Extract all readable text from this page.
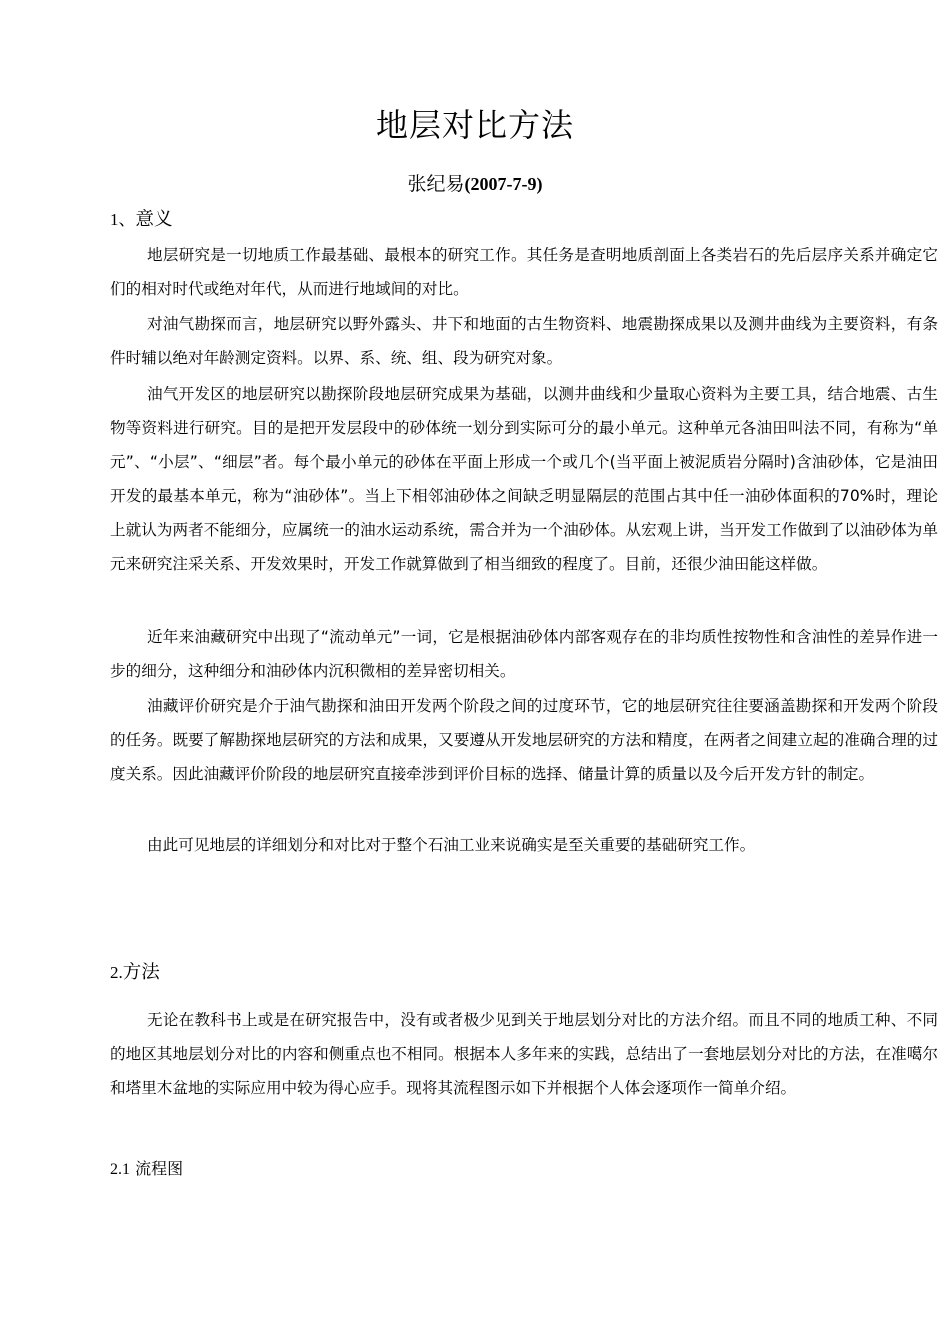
地层对比方法
张纪易(2007-7-9)
1、意义

地层研究是一切地质工作最基础、最根本的研究工作。其任务是查明地质剖面上各类岩石的先后层序关系并确定它们的相对时代或绝对年代，从而进行地域间的对比。

对油气勘探而言，地层研究以野外露头、井下和地面的古生物资料、地震勘探成果以及测井曲线为主要资料，有条件时辅以绝对年龄测定资料。以界、系、统、组、段为研究对象。

油气开发区的地层研究以勘探阶段地层研究成果为基础，以测井曲线和少量取心资料为主要工具，结合地震、古生物等资料进行研究。目的是把开发层段中的砂体统一划分到实际可分的最小单元。这种单元各油田叫法不同，有称为“单元”、“小层”、“细层”者。每个最小单元的砂体在平面上形成一个或几个(当平面上被泥质岩分隔时)含油砂体，它是油田开发的最基本单元，称为“油砂体”。当上下相邻油砂体之间缺乏明显隔层的范围占其中任一油砂体面积的70%时，理论上就认为两者不能细分，应属统一的油水运动系统，需合并为一个油砂体。从宏观上讲，当开发工作做到了以油砂体为单元来研究注采关系、开发效果时，开发工作就算做到了相当细致的程度了。目前，还很少油田能这样做。

近年来油藏研究中出现了“流动单元”一词，它是根据油砂体内部客观存在的非均质性按物性和含油性的差异作进一步的细分，这种细分和油砂体内沉积微相的差异密切相关。

油藏评价研究是介于油气勘探和油田开发两个阶段之间的过度环节，它的地层研究往往要涵盖勘探和开发两个阶段的任务。既要了解勘探地层研究的方法和成果，又要遵从开发地层研究的方法和精度，在两者之间建立起的准确合理的过度关系。因此油藏评价阶段的地层研究直接牵涉到评价目标的选择、储量计算的质量以及今后开发方针的制定。

由此可见地层的详细划分和对比对于整个石油工业来说确实是至关重要的基础研究工作。

2.方法

无论在教科书上或是在研究报告中，没有或者极少见到关于地层划分对比的方法介绍。而且不同的地质工种、不同的地区其地层划分对比的内容和侧重点也不相同。根据本人多年来的实践，总结出了一套地层划分对比的方法，在准噶尔和塔里木盆地的实际应用中较为得心应手。现将其流程图示如下并根据个人体会逐项作一简单介绍。

2.1 流程图
